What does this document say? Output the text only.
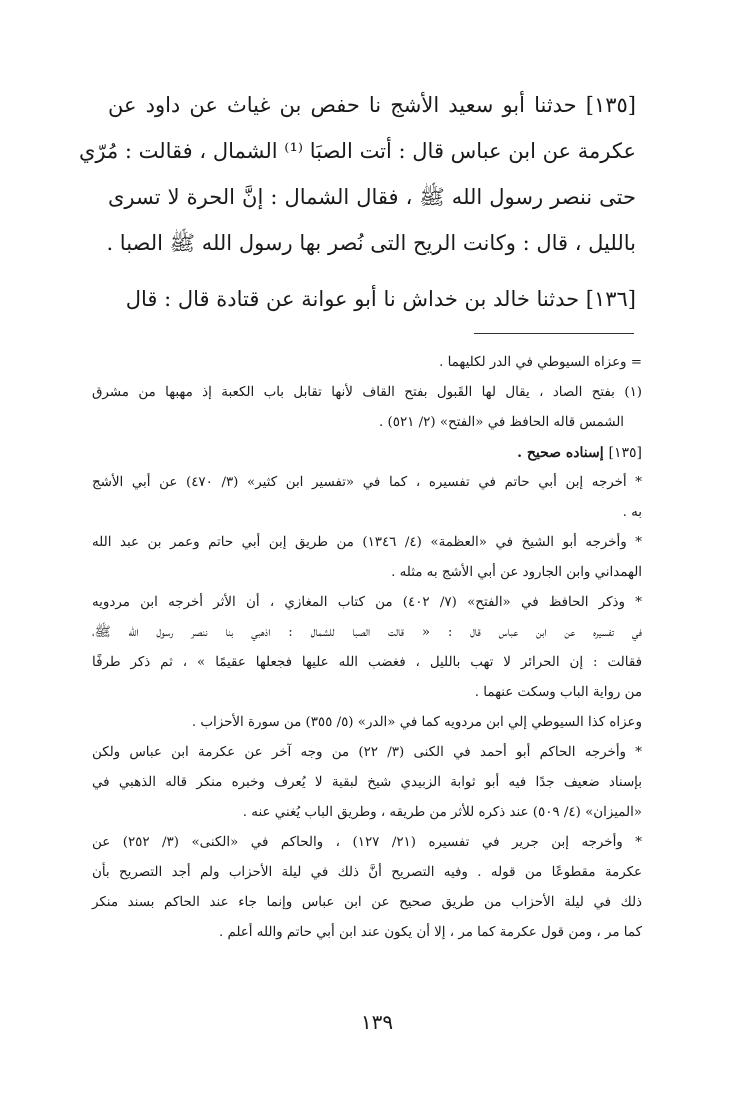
[١٣٥] حدثنا أبو سعيد الأشج نا حفص بن غياث عن داود عن
عكرمة عن ابن عباس قال : أتت الصبَا ⁽¹⁾ الشمال ، فقالت : مُرّي
حتى ننصر رسول الله ﷺ ، فقال الشمال : إنَّ الحرة لا تسرى
بالليل ، قال : وكانت الريح التى نُصر بها رسول الله ﷺ الصبا .
[١٣٦] حدثنا خالد بن خداش نا أبو عوانة عن قتادة قال : قال
= وعزاه السيوطي في الدر لكليهما .
(١) بفتح الصاد ، يقال لها القَبول بفتح القاف لأنها تقابل باب الكعبة إذ مهبها من مشرق
الشمس قاله الحافظ في «الفتح» (٢/ ٥٢١) .
[١٣٥] إسناده صحيح .
* أخرجه إبن أبي حاتم في تفسيره ، كما في «تفسير ابن كثير» (٣/ ٤٧٠) عن أبي الأشج
به .
* وأخرجه أبو الشيخ في «العظمة» (٤/ ١٣٤٦) من طريق إبن أبي حاتم وعمر بن عبد الله
الهمداني وابن الجارود عن أبي الأشج به مثله .
* وذكر الحافظ في «الفتح» (٧/ ٤٠٢) من كتاب المغازي ، أن الأثر أخرجه ابن مردويه
في تفسيره عن ابن عباس قال : « قالت الصبا للشمال : اذهبي بنا ننصر رسول الله ﷺ،
فقالت : إن الحرائر لا تهب بالليل ، فغضب الله عليها فجعلها عقيمًا » ، ثم ذكر طرفًا
من رواية الباب وسكت عنهما .
وعزاه كذا السيوطي إلي ابن مردويه كما في «الدر» (٥/ ٣٥٥) من سورة الأحزاب .
* وأخرجه الحاكم أبو أحمد في الكنى (٣/ ٢٢) من وجه آخر عن عكرمة ابن عباس ولكن
بإسناد ضعيف جدًا فيه أبو ثوابة الزبيدي شيخ لبقية لا يُعرف وخبره منكر قاله الذهبي في
«الميزان» (٤/ ٥٠٩) عند ذكره للأثر من طريقه ، وطريق الباب يُغني عنه .
* وأخرجه إبن جرير في تفسيره (٢١/ ١٢٧) ، والحاكم في «الكنى» (٣/ ٢٥٢) عن
عكرمة مقطوعًا من قوله . وفيه التصريح أنَّ ذلك في ليلة الأحزاب ولم أجد التصريح بأن
ذلك في ليلة الأحزاب من طريق صحيح عن ابن عباس وإنما جاء عند الحاكم بسند منكر
كما مر ، ومن قول عكرمة كما مر ، إلا أن يكون عند ابن أبي حاتم والله أعلم .
١٣٩
